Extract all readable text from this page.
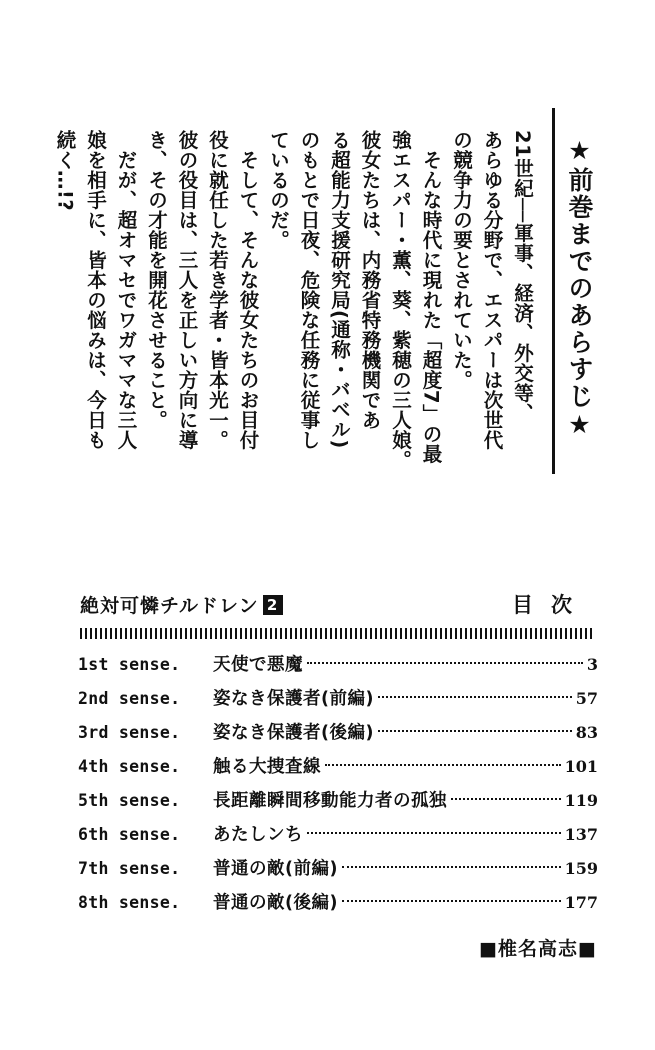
★前巻までのあらすじ★
21世紀──軍事、経済、外交等、
あらゆる分野で、エスパーは次世代
の競争力の要とされていた。
そんな時代に現れた「超度7」の最
強エスパー・薫、葵、紫穂の三人娘。
彼女たちは、内務省特務機関であ
る超能力支援研究局(通称・バベル)
のもとで日夜、危険な任務に従事し
ているのだ。
そして、そんな彼女たちのお目付
役に就任した若き学者・皆本光一。
彼の役目は、三人を正しい方向に導
き、その才能を開花させること。
だが、超オマセでワガママな三人
娘を相手に、皆本の悩みは、今日も
続く…!?
絶対可憐チルドレン 2	目次
1st sense.	天使で悪魔	3
2nd sense.	姿なき保護者(前編)	57
3rd sense.	姿なき保護者(後編)	83
4th sense.	触る大捜査線	101
5th sense.	長距離瞬間移動能力者の孤独	119
6th sense.	あたしンち	137
7th sense.	普通の敵(前編)	159
8th sense.	普通の敵(後編)	177
■椎名高志■
